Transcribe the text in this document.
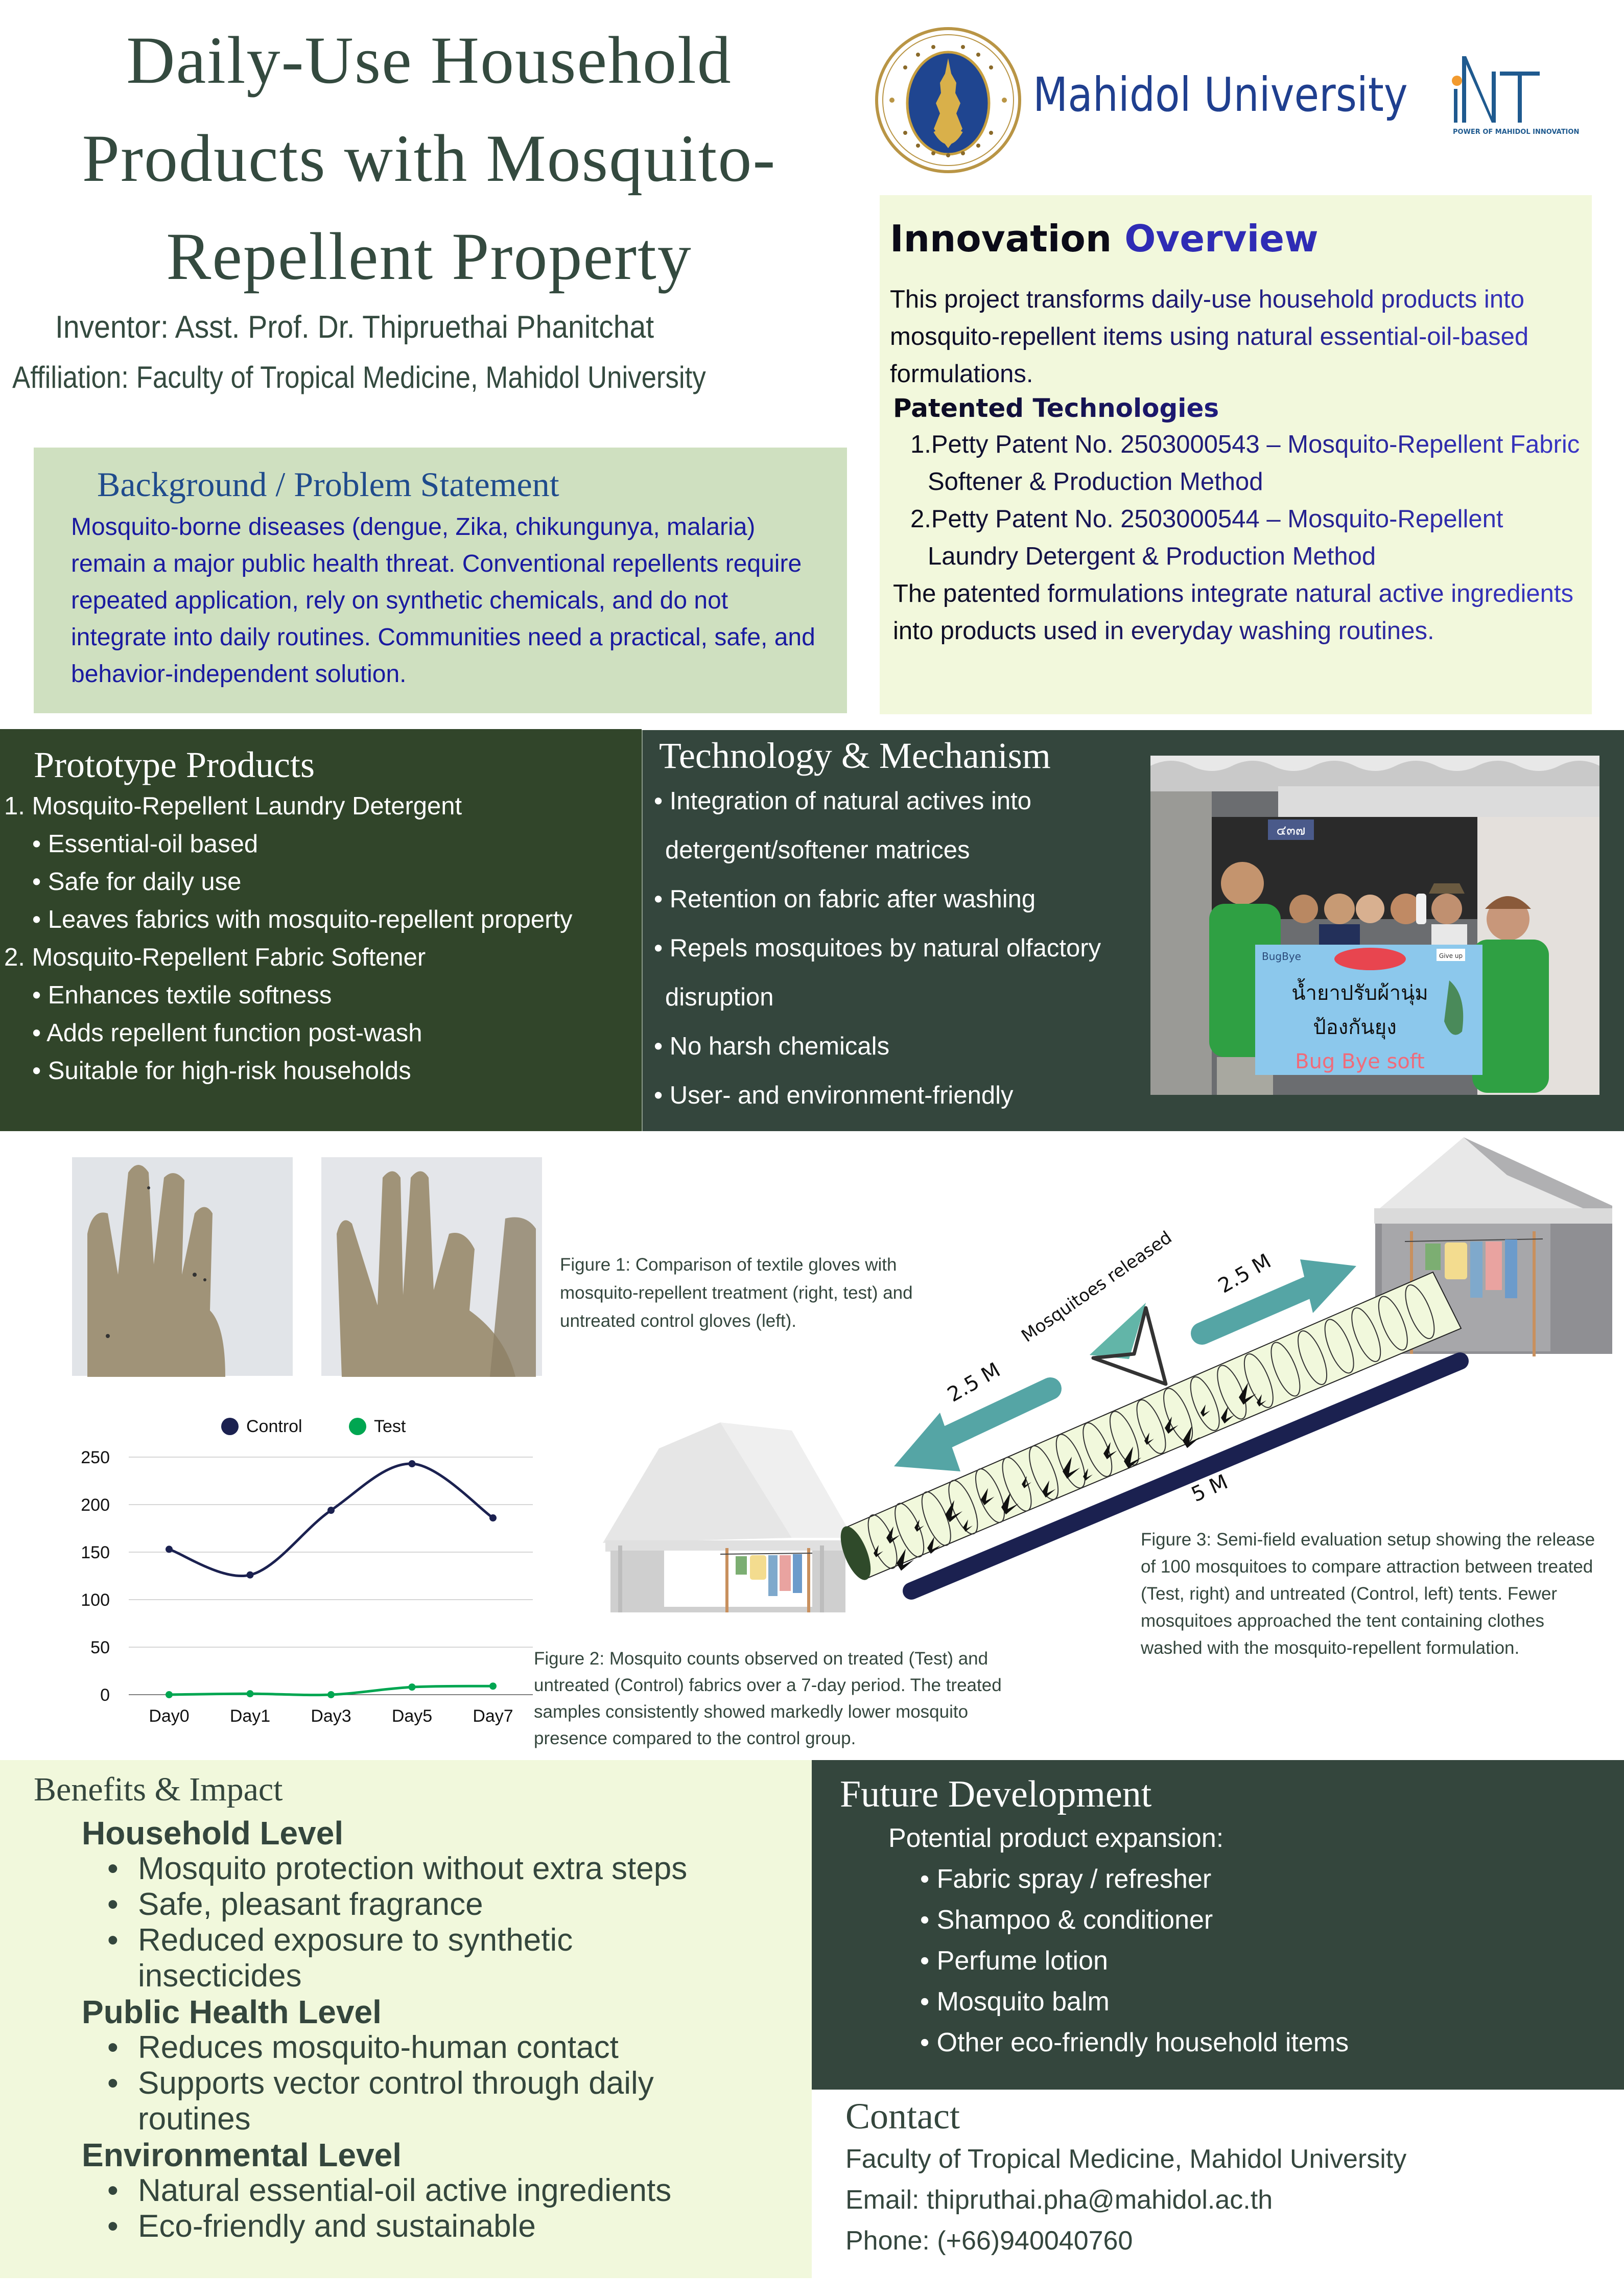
Daily-Use Household
Products with Mosquito-
Repellent Property
Inventor: Asst. Prof. Dr. Thipruethai Phanitchat
Affiliation: Faculty of Tropical Medicine, Mahidol University
Mahidol University
POWER OF MAHIDOL INNOVATION
Innovation Overview

This project transforms daily-use household products into mosquito-repellent items using natural essential-oil-based formulations.

Patented Technologies
1.Petty Patent No. 2503000543 – Mosquito-Repellent Fabric Softener & Production Method
2.Petty Patent No. 2503000544 – Mosquito-Repellent Laundry Detergent & Production Method

The patented formulations integrate natural active ingredients into products used in everyday washing routines.

Background / Problem Statement

Mosquito-borne diseases (dengue, Zika, chikungunya, malaria) remain a major public health threat. Conventional repellents require repeated application, rely on synthetic chemicals, and do not integrate into daily routines. Communities need a practical, safe, and behavior-independent solution.

Prototype Products
1. Mosquito-Repellent Laundry Detergent
• Essential-oil based
• Safe for daily use
• Leaves fabrics with mosquito-repellent property
2. Mosquito-Repellent Fabric Softener
• Enhances textile softness
• Adds repellent function post-wash
• Suitable for high-risk households
Technology & Mechanism
• Integration of natural actives into detergent/softener matrices
• Retention on fabric after washing
• Repels mosquitoes by natural olfactory disruption
• No harsh chemicals
• User- and environment-friendly
๔๓๗
BugBye	Give up
น้ำยาปรับผ้านุ่ม
ป้องกันยุง
Bug Bye soft

Figure 1: Comparison of textile gloves with mosquito-repellent treatment (right, test) and untreated control gloves (left).

Control	Test
0
50
100
150
200
250
Day0 Day1 Day3 Day5 Day7

Figure 2: Mosquito counts observed on treated (Test) and untreated (Control) fabrics over a 7-day period. The treated samples consistently showed markedly lower mosquito presence compared to the control group.

5 M
2.5 M
2.5 M
Mosquitoes released

Figure 3: Semi-field evaluation setup showing the release of 100 mosquitoes to compare attraction between treated (Test, right) and untreated (Control, left) tents. Fewer mosquitoes approached the tent containing clothes washed with the mosquito-repellent formulation.

Benefits & Impact
Household Level
• Mosquito protection without extra steps
• Safe, pleasant fragrance
• Reduced exposure to synthetic insecticides
Public Health Level
• Reduces mosquito-human contact
• Supports vector control through daily routines
Environmental Level
• Natural essential-oil active ingredients
• Eco-friendly and sustainable
Future Development
Potential product expansion:
• Fabric spray / refresher
• Shampoo & conditioner
• Perfume lotion
• Mosquito balm
• Other eco-friendly household items
Contact
Faculty of Tropical Medicine, Mahidol University
Email: thipruthai.pha@mahidol.ac.th
Phone: (+66)940040760
